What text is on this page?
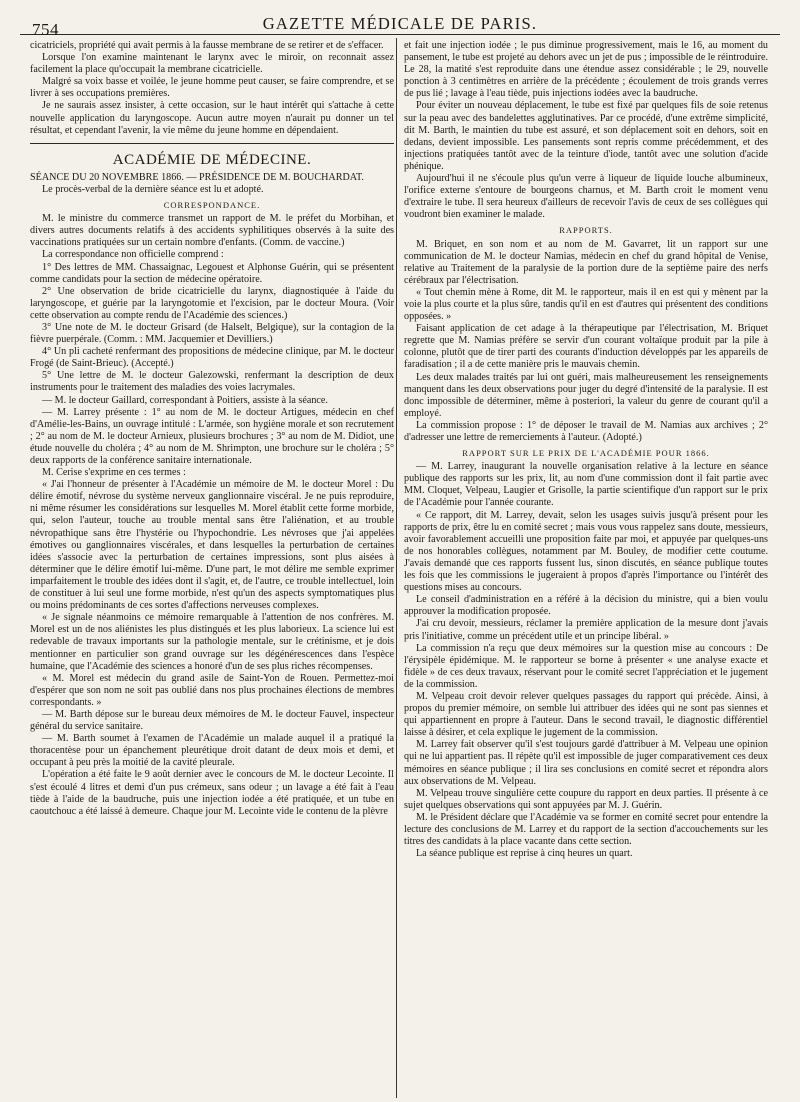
754	GAZETTE MÉDICALE DE PARIS.

cicatriciels, propriété qui avait permis à la fausse membrane de se retirer et de s'effacer.

Lorsque l'on examine maintenant le larynx avec le miroir, on reconnait assez facilement la place qu'occupait la membrane cicatricielle.

Malgré sa voix basse et voilée, le jeune homme peut causer, se faire comprendre, et se livrer à ses occupations premières.

Je ne saurais assez insister, à cette occasion, sur le haut intérêt qui s'attache à cette nouvelle application du laryngoscope. Aucun autre moyen n'aurait pu donner un tel résultat, et cependant l'avenir, la vie même du jeune homme en dépendaient.

ACADÉMIE DE MÉDECINE.

SÉANCE DU 20 NOVEMBRE 1866. — PRÉSIDENCE DE M. BOUCHARDAT.

Le procès-verbal de la dernière séance est lu et adopté.

CORRESPONDANCE.

M. le ministre du commerce transmet un rapport de M. le préfet du Morbihan, et divers autres documents relatifs à des accidents syphilitiques observés à la suite des vaccinations pratiquées sur un certain nombre d'enfants. (Comm. de vaccine.)

La correspondance non officielle comprend :

1° Des lettres de MM. Chassaignac, Legouest et Alphonse Guérin, qui se présentent comme candidats pour la section de médecine opératoire.

2° Une observation de bride cicatricielle du larynx, diagnostiquée à l'aide du laryngoscope, et guérie par la laryngotomie et l'excision, par le docteur Moura. (Voir cette observation au compte rendu de l'Académie des sciences.)

3° Une note de M. le docteur Grisard (de Halselt, Belgique), sur la contagion de la fièvre puerpérale. (Comm. : MM. Jacquemier et Devilliers.)

4° Un pli cacheté renfermant des propositions de médecine clinique, par M. le docteur Frogé (de Saint-Brieuc). (Accepté.)

5° Une lettre de M. le docteur Galezowski, renfermant la description de deux instruments pour le traitement des maladies des voies lacrymales.

— M. le docteur Gaillard, correspondant à Poitiers, assiste à la séance.

— M. Larrey présente : 1° au nom de M. le docteur Artigues, médecin en chef d'Amélie-les-Bains, un ouvrage intitulé : L'armée, son hygiène morale et son recrutement ; 2° au nom de M. le docteur Arnieux, plusieurs brochures ; 3° au nom de M. Didiot, une étude nouvelle du choléra ; 4° au nom de M. Shrimpton, une brochure sur le choléra ; 5° deux rapports de la conférence sanitaire internationale.

M. Cerise s'exprime en ces termes :

« J'ai l'honneur de présenter à l'Académie un mémoire de M. le docteur Morel : Du délire émotif, névrose du système nerveux ganglionnaire viscéral. Je ne puis reproduire, ni même résumer les considérations sur lesquelles M. Morel établit cette forme morbide, qui, selon l'auteur, touche au trouble mental sans être l'aliénation, et au trouble névropathique sans être l'hystérie ou l'hypochondrie. Les névroses que j'ai appelées émotives ou ganglionnaires viscérales, et dans lesquelles la perturbation de certaines idées s'associe avec la perturbation de certaines impressions, sont plus aisées à déterminer que le délire émotif lui-même. D'une part, le mot délire me semble exprimer imparfaitement le trouble des idées dont il s'agit, et, de l'autre, ce trouble intellectuel, loin de constituer à lui seul une forme morbide, n'est qu'un des aspects symptomatiques plus ou moins prédominants de ces sortes d'affections nerveuses complexes.

« Je signale néanmoins ce mémoire remarquable à l'attention de nos confrères. M. Morel est un de nos aliénistes les plus distingués et les plus laborieux. La science lui est redevable de travaux importants sur la pathologie mentale, sur le crétinisme, et je dois mentionner en particulier son grand ouvrage sur les dégénérescences dans l'espèce humaine, que l'Académie des sciences a honoré d'un de ses plus riches récompenses.

« M. Morel est médecin du grand asile de Saint-Yon de Rouen. Permettez-moi d'espérer que son nom ne soit pas oublié dans nos plus prochaines élections de membres correspondants. »

— M. Barth dépose sur le bureau deux mémoires de M. le docteur Fauvel, inspecteur général du service sanitaire.

— M. Barth soumet à l'examen de l'Académie un malade auquel il a pratiqué la thoracentèse pour un épanchement pleurétique droit datant de deux mois et demi, et occupant à peu près la moitié de la cavité pleurale.

L'opération a été faite le 9 août dernier avec le concours de M. le docteur Lecointe. Il s'est écoulé 4 litres et demi d'un pus crémeux, sans odeur ; un lavage a été fait à l'eau tiède à l'aide de la baudruche, puis une injection iodée a été pratiquée, et un tube en caoutchouc a été laissé à demeure. Chaque jour M. Lecointe vide le contenu de la plèvre

et fait une injection iodée ; le pus diminue progressivement, mais le 16, au moment du pansement, le tube est projeté au dehors avec un jet de pus ; impossible de le réintroduire. Le 28, la matité s'est reproduite dans une étendue assez considérable ; le 29, nouvelle ponction à 3 centimètres en arrière de la précédente ; écoulement de trois grands verres de pus lié ; lavage à l'eau tiède, puis injections iodées avec la baudruche.

Pour éviter un nouveau déplacement, le tube est fixé par quelques fils de soie retenus sur la peau avec des bandelettes agglutinatives. Par ce procédé, d'une extrême simplicité, dit M. Barth, le maintien du tube est assuré, et son déplacement soit en dehors, soit en dedans, devient impossible. Les pansements sont repris comme précédemment, et des injections pratiquées tantôt avec de la teinture d'iode, tantôt avec une solution d'acide phénique.

Aujourd'hui il ne s'écoule plus qu'un verre à liqueur de liquide louche albumineux, l'orifice externe s'entoure de bourgeons charnus, et M. Barth croit le moment venu d'extraire le tube. Il sera heureux d'ailleurs de recevoir l'avis de ceux de ses collègues qui voudront bien examiner le malade.

RAPPORTS.

M. Briquet, en son nom et au nom de M. Gavarret, lit un rapport sur une communication de M. le docteur Namias, médecin en chef du grand hôpital de Venise, relative au Traitement de la paralysie de la portion dure de la septième paire des nerfs cérébraux par l'électrisation.

« Tout chemin mène à Rome, dit M. le rapporteur, mais il en est qui y mènent par la voie la plus courte et la plus sûre, tandis qu'il en est d'autres qui présentent des conditions opposées. »

Faisant application de cet adage à la thérapeutique par l'électrisation, M. Briquet regrette que M. Namias préfère se servir d'un courant voltaïque produit par la pile à colonne, plutôt que de tirer parti des courants d'induction développés par les appareils de faradisation ; il a de cette manière pris le mauvais chemin.

Les deux malades traités par lui ont guéri, mais malheureusement les renseignements manquent dans les deux observations pour juger du degré d'intensité de la paralysie. Il est donc impossible de déterminer, même à posteriori, la valeur du genre de courant qu'il a employé.

La commission propose : 1° de déposer le travail de M. Namias aux archives ; 2° d'adresser une lettre de remerciements à l'auteur. (Adopté.)

RAPPORT SUR LE PRIX DE L'ACADÉMIE POUR 1866.

— M. Larrey, inaugurant la nouvelle organisation relative à la lecture en séance publique des rapports sur les prix, lit, au nom d'une commission dont il fait partie avec MM. Cloquet, Velpeau, Laugier et Grisolle, la partie scientifique d'un rapport sur le prix de l'Académie pour l'année courante.

« Ce rapport, dit M. Larrey, devait, selon les usages suivis jusqu'à présent pour les rapports de prix, être lu en comité secret ; mais vous vous rappelez sans doute, messieurs, avoir favorablement accueilli une proposition faite par moi, et appuyée par quelques-uns de nos honorables collègues, notamment par M. Bouley, de modifier cette coutume. J'avais demandé que ces rapports fussent lus, sinon discutés, en séance publique toutes les fois que les commissions le jugeraient à propos d'après l'importance ou l'intérêt des questions mises au concours.

Le conseil d'administration en a référé à la décision du ministre, qui a bien voulu approuver la modification proposée.

J'ai cru devoir, messieurs, réclamer la première application de la mesure dont j'avais pris l'initiative, comme un précédent utile et un principe libéral. »

La commission n'a reçu que deux mémoires sur la question mise au concours : De l'érysipèle épidémique. M. le rapporteur se borne à présenter « une analyse exacte et fidèle » de ces deux travaux, réservant pour le comité secret l'appréciation et le jugement de la commission.

M. Velpeau croit devoir relever quelques passages du rapport qui précède. Ainsi, à propos du premier mémoire, on semble lui attribuer des idées qui ne sont pas siennes et qui appartiennent en propre à l'auteur. Dans le second travail, le diagnostic différentiel laisse à désirer, et cela explique le jugement de la commission.

M. Larrey fait observer qu'il s'est toujours gardé d'attribuer à M. Velpeau une opinion qui ne lui appartient pas. Il répète qu'il est impossible de juger comparativement ces deux mémoires en séance publique ; il lira ses conclusions en comité secret et répondra alors aux observations de M. Velpeau.

M. Velpeau trouve singulière cette coupure du rapport en deux parties. Il présente à ce sujet quelques observations qui sont appuyées par M. J. Guérin.

M. le Président déclare que l'Académie va se former en comité secret pour entendre la lecture des conclusions de M. Larrey et du rapport de la section d'accouchements sur les titres des candidats à la place vacante dans cette section.

La séance publique est reprise à cinq heures un quart.
